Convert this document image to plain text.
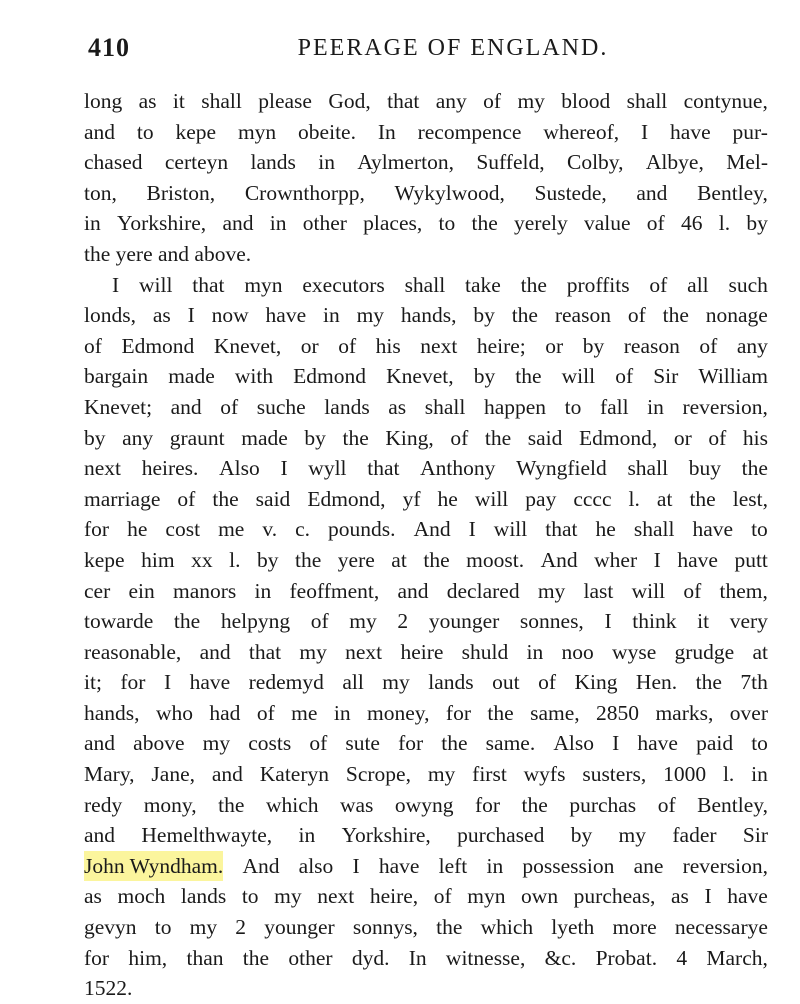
410	PEERAGE OF ENGLAND.
long as it shall please God, that any of my blood shall contynue,
and to kepe myn obeite. In recompence whereof, I have pur-
chased certeyn lands in Aylmerton, Suffeld, Colby, Albye, Mel-
ton, Briston, Crownthorpp, Wykylwood, Sustede, and Bentley,
in Yorkshire, and in other places, to the yerely value of 46 l. by
the yere and above.
I will that myn executors shall take the proffits of all such
londs, as I now have in my hands, by the reason of the nonage
of Edmond Knevet, or of his next heire; or by reason of any
bargain made with Edmond Knevet, by the will of Sir William
Knevet; and of suche lands as shall happen to fall in reversion,
by any graunt made by the King, of the said Edmond, or of his
next heires. Also I wyll that Anthony Wyngfield shall buy the
marriage of the said Edmond, yf he will pay cccc l. at the lest,
for he cost me v. c. pounds. And I will that he shall have to
kepe him xx l. by the yere at the moost. And wher I have putt
cer ein manors in feoffment, and declared my last will of them,
towarde the helpyng of my 2 younger sonnes, I think it very
reasonable, and that my next heire shuld in noo wyse grudge at
it; for I have redemyd all my lands out of King Hen. the 7th
hands, who had of me in money, for the same, 2850 marks, over
and above my costs of sute for the same. Also I have paid to
Mary, Jane, and Kateryn Scrope, my first wyfs susters, 1000 l. in
redy mony, the which was owyng for the purchas of Bentley,
and Hemelthwayte, in Yorkshire, purchased by my fader Sir
John Wyndham. And also I have left in possession ane reversion,
as moch lands to my next heire, of myn own purcheas, as I have
gevyn to my 2 younger sonnys, the which lyeth more necessarye
for him, than the other dyd. In witnesse, &c. Probat. 4 March,
1522.
